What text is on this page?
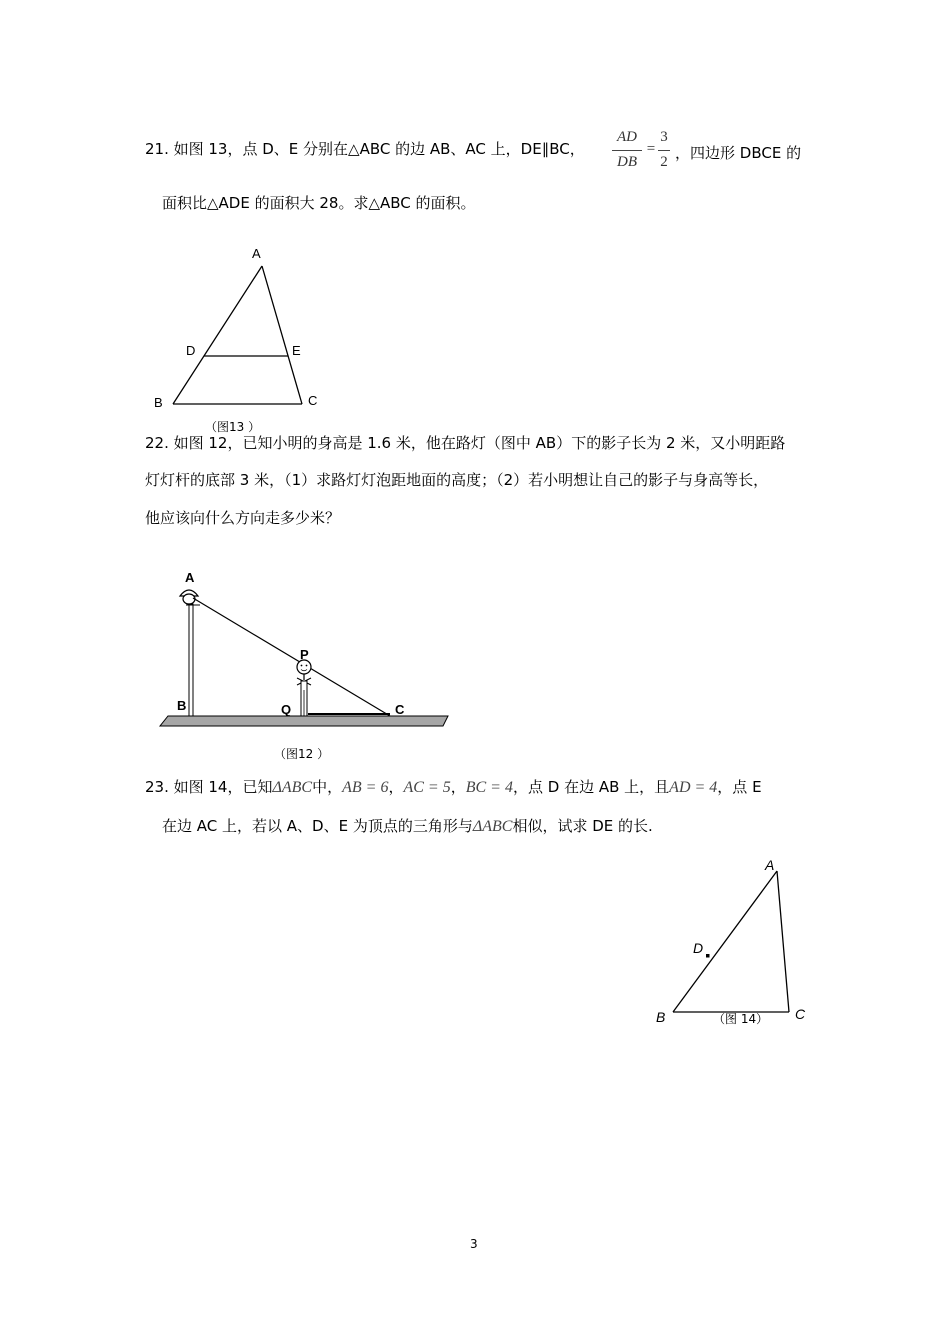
21. 如图 13，点 D、E 分别在△ABC 的边 AB、AC 上，DE∥BC，
AD
DB
=
3
2 ，四边形 DBCE 的
面积比△ADE 的面积大 28。求△ABC 的面积。
A
D	E
B	C
（图13 ）
22. 如图 12，已知小明的身高是 1.6 米，他在路灯（图中 AB）下的影子长为 2 米，又小明距路
灯灯杆的底部 3 米，（1）求路灯灯泡距地面的高度；（2）若小明想让自己的影子与身高等长，
他应该向什么方向走多少米？
A
P
B	Q	C
（图12 ）
23. 如图 14，已知ΔABC中，AB = 6，AC = 5，BC = 4，点 D 在边 AB 上，且AD = 4，点 E
在边 AC 上，若以 A、D、E 为顶点的三角形与ΔABC相似，试求 DE 的长.
A
D
B	C
（图 14）
3
